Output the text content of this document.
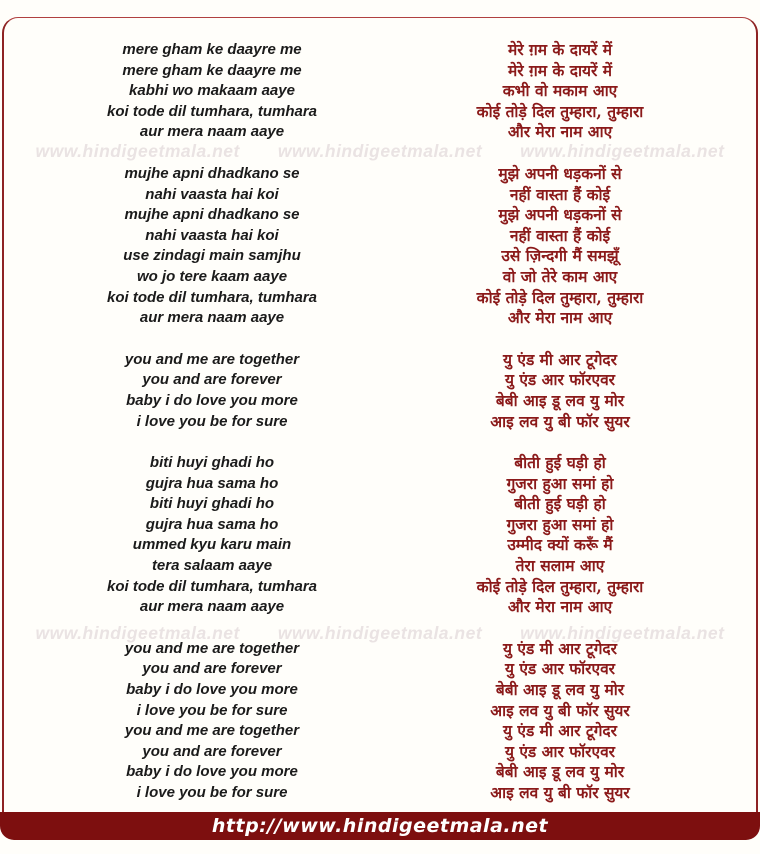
www.hindigeetmala.net www.hindigeetmala.net www.hindigeetmala.net
www.hindigeetmala.net www.hindigeetmala.net www.hindigeetmala.net
mere gham ke daayre me
mere gham ke daayre me
kabhi wo makaam aaye
koi tode dil tumhara, tumhara
aur mera naam aaye
mujhe apni dhadkano se
nahi vaasta hai koi
mujhe apni dhadkano se
nahi vaasta hai koi
use zindagi main samjhu
wo jo tere kaam aaye
koi tode dil tumhara, tumhara
aur mera naam aaye
you and me are together
you and are forever
baby i do love you more
i love you be for sure
biti huyi ghadi ho
gujra hua sama ho
biti huyi ghadi ho
gujra hua sama ho
ummed kyu karu main
tera salaam aaye
koi tode dil tumhara, tumhara
aur mera naam aaye
you and me are together
you and are forever
baby i do love you more
i love you be for sure
you and me are together
you and are forever
baby i do love you more
i love you be for sure
मेरे ग़म के दायरें में
मेरे ग़म के दायरें में
कभी वो मकाम आए
कोई तोड़े दिल तुम्हारा, तुम्हारा
और मेरा नाम आए
मुझे अपनी धड़कनों से
नहीं वास्ता हैं कोई
मुझे अपनी धड़कनों से
नहीं वास्ता हैं कोई
उसे ज़िन्दगी मैं समझूँ
वो जो तेरे काम आए
कोई तोड़े दिल तुम्हारा, तुम्हारा
और मेरा नाम आए
यु एंड मी आर टूगेदर
यु एंड आर फॉरएवर
बेबी आइ डू लव यु मोर
आइ लव यु बी फॉर सुयर
बीती हुई घड़ी हो
गुजरा हुआ समां हो
बीती हुई घड़ी हो
गुजरा हुआ समां हो
उम्मीद क्यों करूँ मैं
तेरा सलाम आए
कोई तोड़े दिल तुम्हारा, तुम्हारा
और मेरा नाम आए
यु एंड मी आर टूगेदर
यु एंड आर फॉरएवर
बेबी आइ डू लव यु मोर
आइ लव यु बी फॉर सुयर
यु एंड मी आर टूगेदर
यु एंड आर फॉरएवर
बेबी आइ डू लव यु मोर
आइ लव यु बी फॉर सुयर
http://www.hindigeetmala.net
